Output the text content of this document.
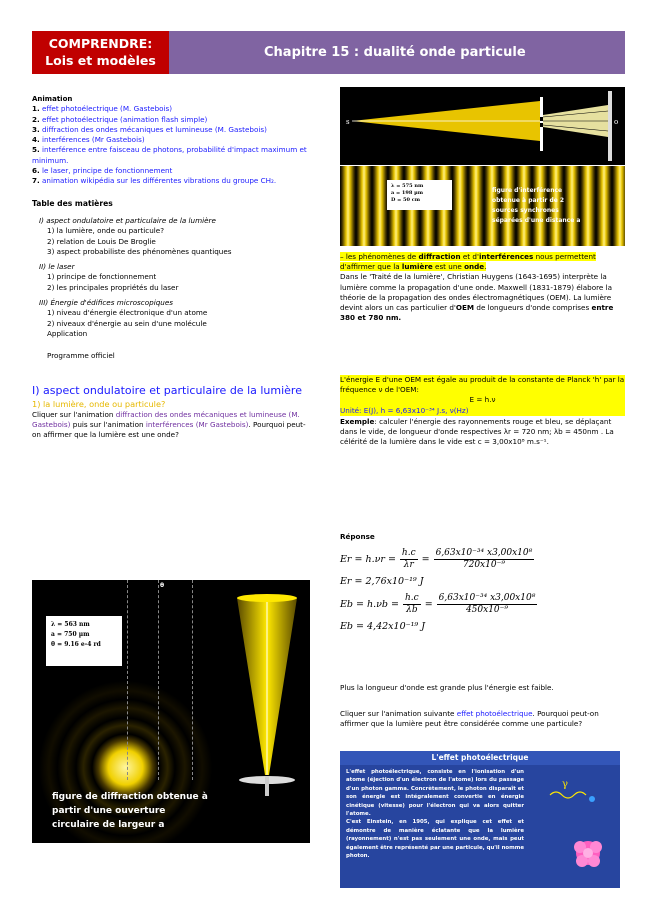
COMPRENDRE:
Lois et modèles
Chapitre 15 : dualité onde particule
Animation
1. effet photoélectrique (M. Gastebois)
2. effet photoélectrique (animation flash simple)
3. diffraction des ondes mécaniques et lumineuse (M. Gastebois)
4. interférences (Mr Gastebois)
5. interférence entre faisceau de photons, probabilité d'impact maximum et minimum.
6. le laser, principe de fonctionnement
7. animation wikipédia sur les différentes vibrations du groupe CH₂.
Table des matières
I) aspect ondulatoire et particulaire de la lumière
1) la lumière, onde ou particule?
2) relation de Louis De Broglie
3) aspect probabiliste des phénomènes quantiques
II) le laser
1) principe de fonctionnement
2) les principales propriétés du laser
III) Énergie d'édifices microscopiques
1) niveau d'énergie électronique d'un atome
2) niveaux d'énergie au sein d'une molécule
Application
Programme officiel
I) aspect ondulatoire et particulaire de la lumière
1) la lumière, onde ou particule?
Cliquer sur l'animation diffraction des ondes mécaniques et lumineuse (M. Gastebois) puis sur l'animation interférences (Mr Gastebois). Pourquoi peut-on affirmer que la lumière est une onde?
θ
λ = 563 nm
a = 750 µm
θ = 9.16 e-4 rd
figure de diffraction obtenue à
partir d'une ouverture
circulaire de largeur a
s	o
λ = 575 nm
a = 198 µm
D = 50 cm
figure d'interférence
obtenue à partir de 2
sources synchrones
séparées d'une distance a
– les phénomènes de diffraction et d'interférences nous permettent d'affirmer que la lumière est une onde.
Dans le 'Traité de la lumière', Christian Huygens (1643-1695) interprète la lumière comme la propagation d'une onde. Maxwell (1831-1879) élabore la théorie de la propagation des ondes électromagnétiques (OEM). La lumière devint alors un cas particulier d'OEM de longueurs d'onde comprises entre 380 et 780 nm.
L'énergie E d'une OEM est égale au produit de la constante de Planck 'h' par la fréquence ν de l'OEM:
E = h.ν
Unité: E(J), h = 6,63x10⁻³⁴ J.s, ν(Hz)
Exemple: calculer l'énergie des rayonnements rouge et bleu, se déplaçant dans le vide, de longueur d'onde respectives λr = 720 nm; λb = 450nm . La célérité de la lumière dans le vide est c = 3,00x10⁸ m.s⁻¹.
Réponse
$Er = h.\nu r = \frac{h.c}{\lambda r} = \frac{\text{6,63x10⁻³⁴ x3,00x10⁸}}{\text{720x10⁻⁹}}$
Er = 2,76x10⁻¹⁹ J
$Eb = h.\nu b = \frac{h.c}{\lambda b} = \frac{\text{6,63x10⁻³⁴ x3,00x10⁸}}{\text{450x10⁻⁹}}$
Eb = 4,42x10⁻¹⁹ J
Plus la longueur d'onde est grande plus l'énergie est faible.
Cliquer sur l'animation suivante effet photoélectrique. Pourquoi peut-on affirmer que la lumière peut être considérée comme une particule?
L'effet photoélectrique
L'effet photoélectrique, consiste en l'ionisation d'un atome (éjection d'un électron de l'atome) lors du passage d'un photon gamma. Concrètement, le photon disparaît et son énergie est intégralement convertie en énergie cinétique (vitesse) pour l'électron qui va alors quitter l'atome.
C'est Einstein, en 1905, qui explique cet effet et démontre de manière éclatante que la lumière (rayonnement) n'est pas seulement une onde, mais peut également être représenté par une particule, qu'il nomme photon.
γ
